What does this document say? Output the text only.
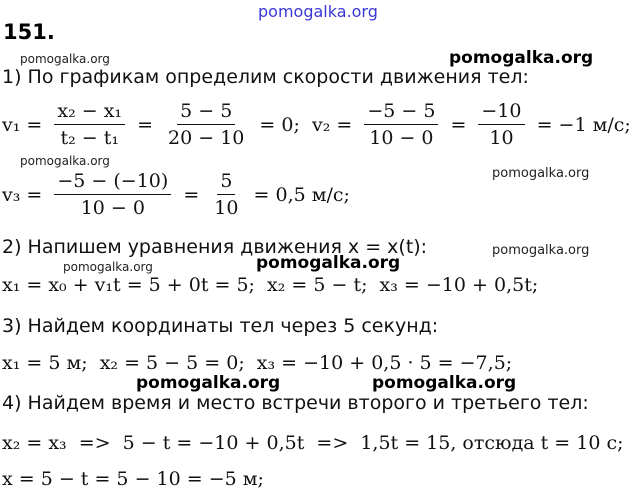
pomogalka.org
pomogalka.org	pomogalka.org
pomogalka.org
pomogalka.org
pomogalka.org
pomogalka.org	pomogalka.org
pomogalka.org	pomogalka.org
151.
1) По графикам определим скорости движения тел:
$v_1 = \frac{\text{x₂ − x₁}}{\text{t₂ − t₁}} = \frac{5 - 5}{20 - 10} = 0$;  $v_2 = \frac{-5 - 5}{10 - 0} = \frac{-10}{10} = -1$ м/с;
$v_3 = \frac{-5 - (-10)}{10 - 0} = \frac{5}{10} = 0,5$ м/с;
2) Напишем уравнения движения x = x(t):
x₁ = x₀ + v₁t = 5 + 0t = 5;  x₂ = 5 − t;  x₃ = −10 + 0,5t;
3) Найдем координаты тел через 5 секунд:
x₁ = 5 м;  x₂ = 5 − 5 = 0;  x₃ = −10 + 0,5 · 5 = −7,5;
4) Найдем время и место встречи второго и третьего тел:
x₂ = x₃  =>  5 − t = −10 + 0,5t  =>  1,5t = 15, отсюда t = 10 с;
x = 5 − t = 5 − 10 = −5 м;
